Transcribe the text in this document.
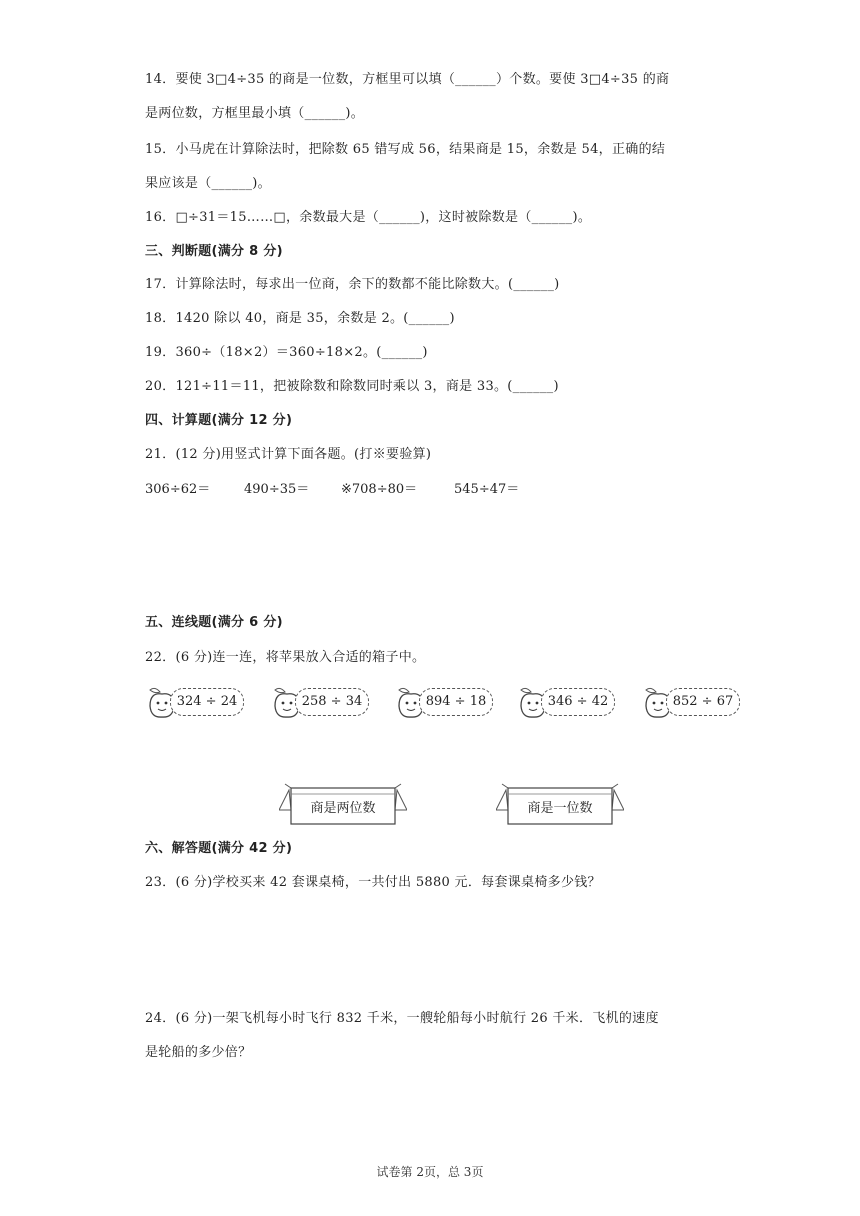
14．要使 3□4÷35 的商是一位数，方框里可以填（______）个数。要使 3□4÷35 的商
是两位数，方框里最小填（______)。
15．小马虎在计算除法时，把除数 65 错写成 56，结果商是 15，余数是 54，正确的结
果应该是（______)。
16．□÷31＝15……□，余数最大是（______)，这时被除数是（______)。
三、判断题(满分 8 分)
17．计算除法时，每求出一位商，余下的数都不能比除数大。(______)
18．1420 除以 40，商是 35，余数是 2。(______)
19．360÷（18×2）＝360÷18×2。(______)
20．121÷11＝11，把被除数和除数同时乘以 3，商是 33。(______)
四、计算题(满分 12 分)
21．(12 分)用竖式计算下面各题。(打※要验算)
306÷62＝	490÷35＝ ※708÷80＝	545÷47＝
五、连线题(满分 6 分)
22．(6 分)连一连，将苹果放入合适的箱子中。
324 ÷ 24	258 ÷ 34	894 ÷ 18	346 ÷ 42	852 ÷ 67
商是两位数	商是一位数
六、解答题(满分 42 分)
23．(6 分)学校买来 42 套课桌椅，一共付出 5880 元．每套课桌椅多少钱？
24．(6 分)一架飞机每小时飞行 832 千米，一艘轮船每小时航行 26 千米．飞机的速度
是轮船的多少倍？
试卷第 2页，总 3页
